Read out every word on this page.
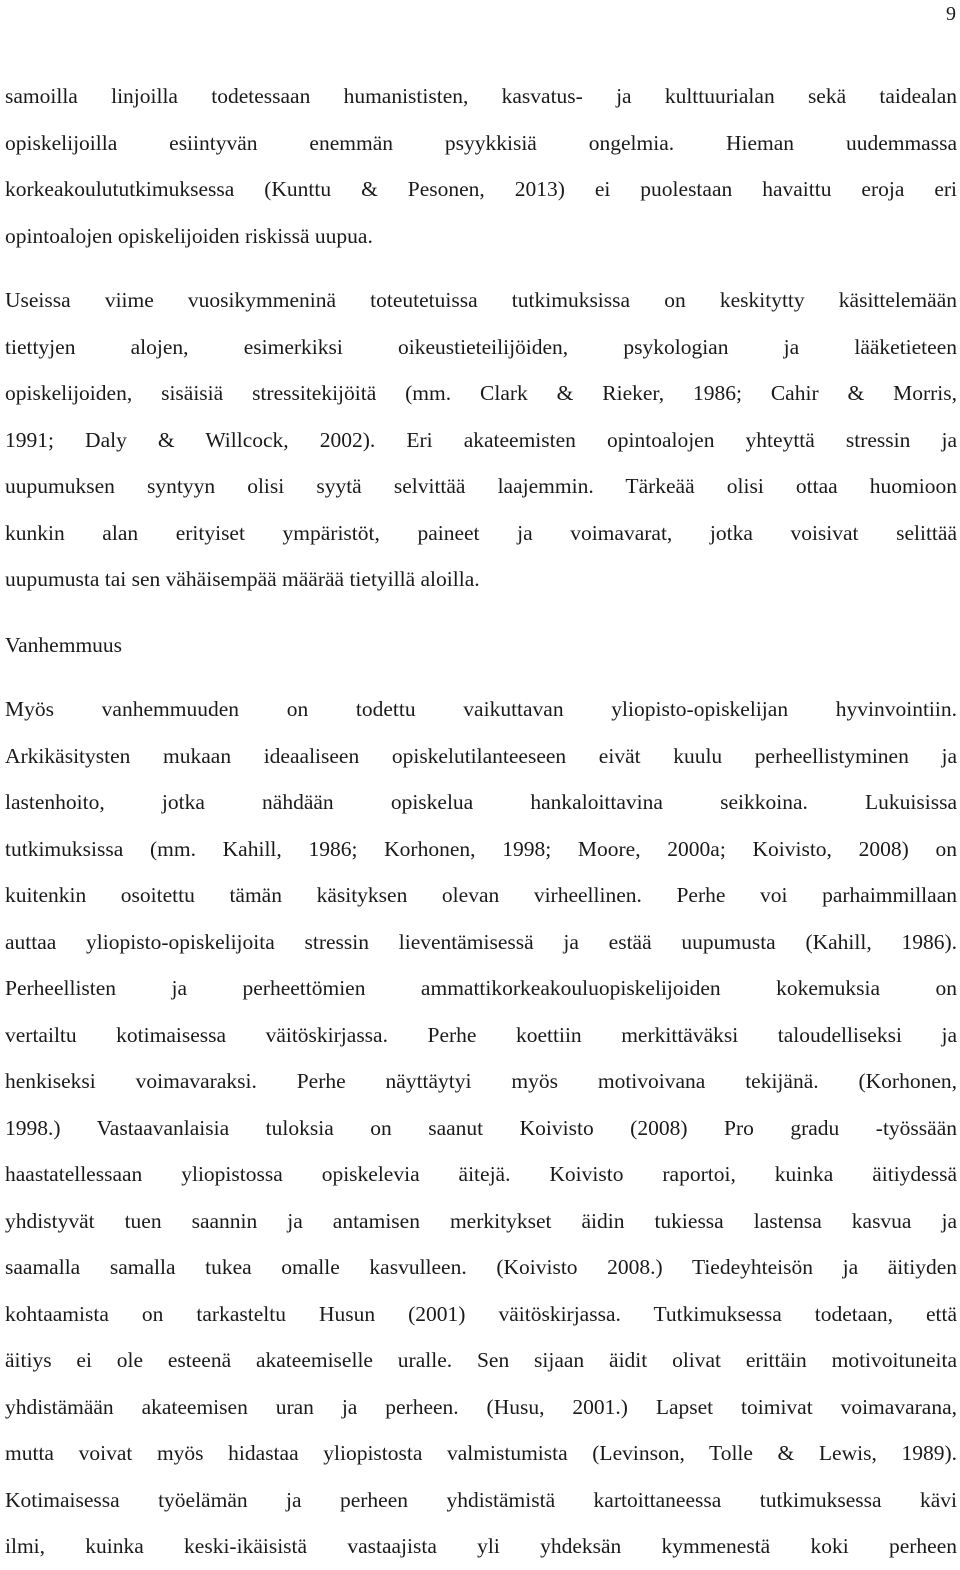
9
samoilla linjoilla todetessaan humanististen, kasvatus- ja kulttuurialan sekä taidealan
opiskelijoilla esiintyvän enemmän psyykkisiä ongelmia. Hieman uudemmassa
korkeakoulututkimuksessa (Kunttu & Pesonen, 2013) ei puolestaan havaittu eroja eri
opintoalojen opiskelijoiden riskissä uupua.
Useissa viime vuosikymmeninä toteutetuissa tutkimuksissa on keskitytty käsittelemään
tiettyjen alojen, esimerkiksi oikeustieteilijöiden, psykologian ja lääketieteen
opiskelijoiden, sisäisiä stressitekijöitä (mm. Clark & Rieker, 1986; Cahir & Morris,
1991; Daly & Willcock, 2002). Eri akateemisten opintoalojen yhteyttä stressin ja
uupumuksen syntyyn olisi syytä selvittää laajemmin. Tärkeää olisi ottaa huomioon
kunkin alan erityiset ympäristöt, paineet ja voimavarat, jotka voisivat selittää
uupumusta tai sen vähäisempää määrää tietyillä aloilla.
Vanhemmuus
Myös vanhemmuuden on todettu vaikuttavan yliopisto-opiskelijan hyvinvointiin.
Arkikäsitysten mukaan ideaaliseen opiskelutilanteeseen eivät kuulu perheellistyminen ja
lastenhoito, jotka nähdään opiskelua hankaloittavina seikkoina. Lukuisissa
tutkimuksissa (mm. Kahill, 1986; Korhonen, 1998; Moore, 2000a; Koivisto, 2008) on
kuitenkin osoitettu tämän käsityksen olevan virheellinen. Perhe voi parhaimmillaan
auttaa yliopisto-opiskelijoita stressin lieventämisessä ja estää uupumusta (Kahill, 1986).
Perheellisten ja perheettömien ammattikorkeakouluopiskelijoiden kokemuksia on
vertailtu kotimaisessa väitöskirjassa. Perhe koettiin merkittäväksi taloudelliseksi ja
henkiseksi voimavaraksi. Perhe näyttäytyi myös motivoivana tekijänä. (Korhonen,
1998.) Vastaavanlaisia tuloksia on saanut Koivisto (2008) Pro gradu -työssään
haastatellessaan yliopistossa opiskelevia äitejä. Koivisto raportoi, kuinka äitiydessä
yhdistyvät tuen saannin ja antamisen merkitykset äidin tukiessa lastensa kasvua ja
saamalla samalla tukea omalle kasvulleen. (Koivisto 2008.) Tiedeyhteisön ja äitiyden
kohtaamista on tarkasteltu Husun (2001) väitöskirjassa. Tutkimuksessa todetaan, että
äitiys ei ole esteenä akateemiselle uralle. Sen sijaan äidit olivat erittäin motivoituneita
yhdistämään akateemisen uran ja perheen. (Husu, 2001.) Lapset toimivat voimavarana,
mutta voivat myös hidastaa yliopistosta valmistumista (Levinson, Tolle & Lewis, 1989).
Kotimaisessa työelämän ja perheen yhdistämistä kartoittaneessa tutkimuksessa kävi
ilmi, kuinka keski-ikäisistä vastaajista yli yhdeksän kymmenestä koki perheen
